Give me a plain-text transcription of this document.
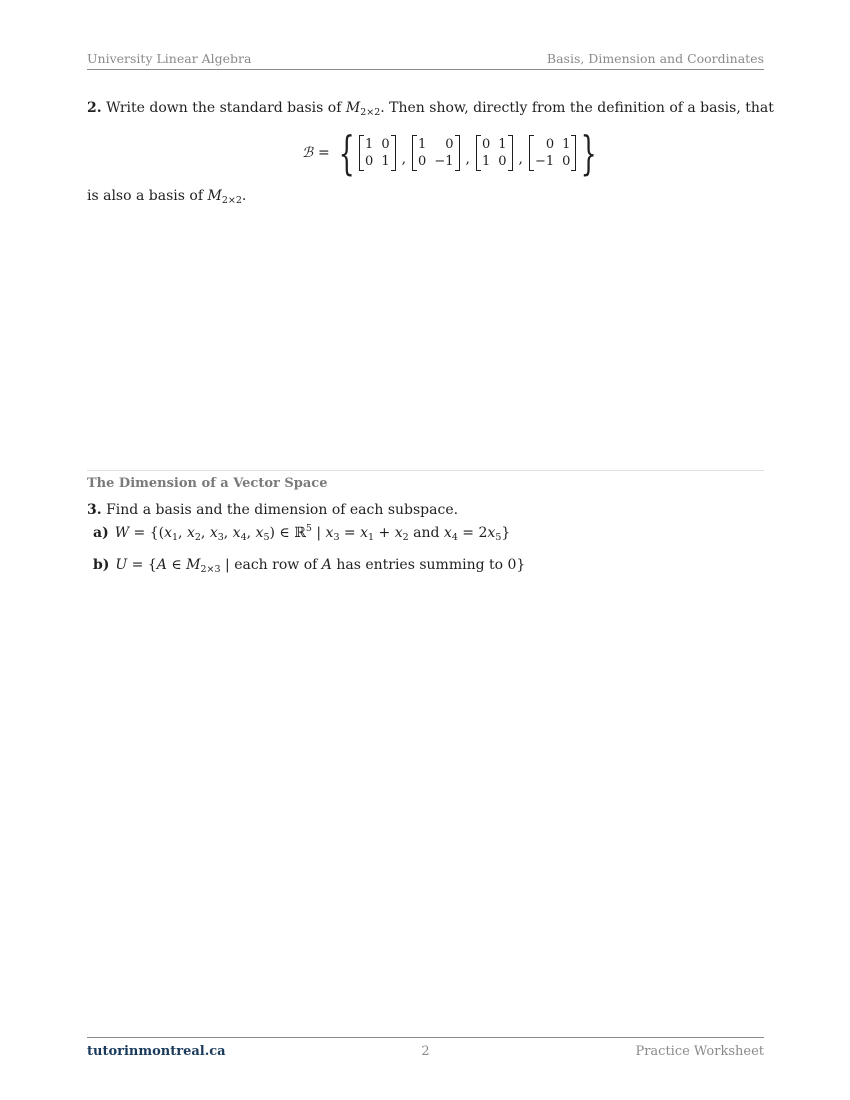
University Linear Algebra	Basis, Dimension and Coordinates
2. Write down the standard basis of $M_{2\times 2}$. Then show, directly from the definition of a basis, that
ℬ = { 1 0
0 1 ,
1	0
0 −1 ,
0 1
1 0 ,
0 1
−1 0 }
is also a basis of $M_{2\times 2}$.
The Dimension of a Vector Space
3. Find a basis and the dimension of each subspace.
a) $W = \{(x_1$, $x_2$, $x_3$, $x_4$, $x_5$) ∈ ℝ$^5$ | $x_3 = x_1 + x_2$ and $x_4 = 2x_5$}
b) U = {A ∈ $M_{2\times 3}$ | each row of A has entries summing to 0}
tutorinmontreal.ca	2	Practice Worksheet
